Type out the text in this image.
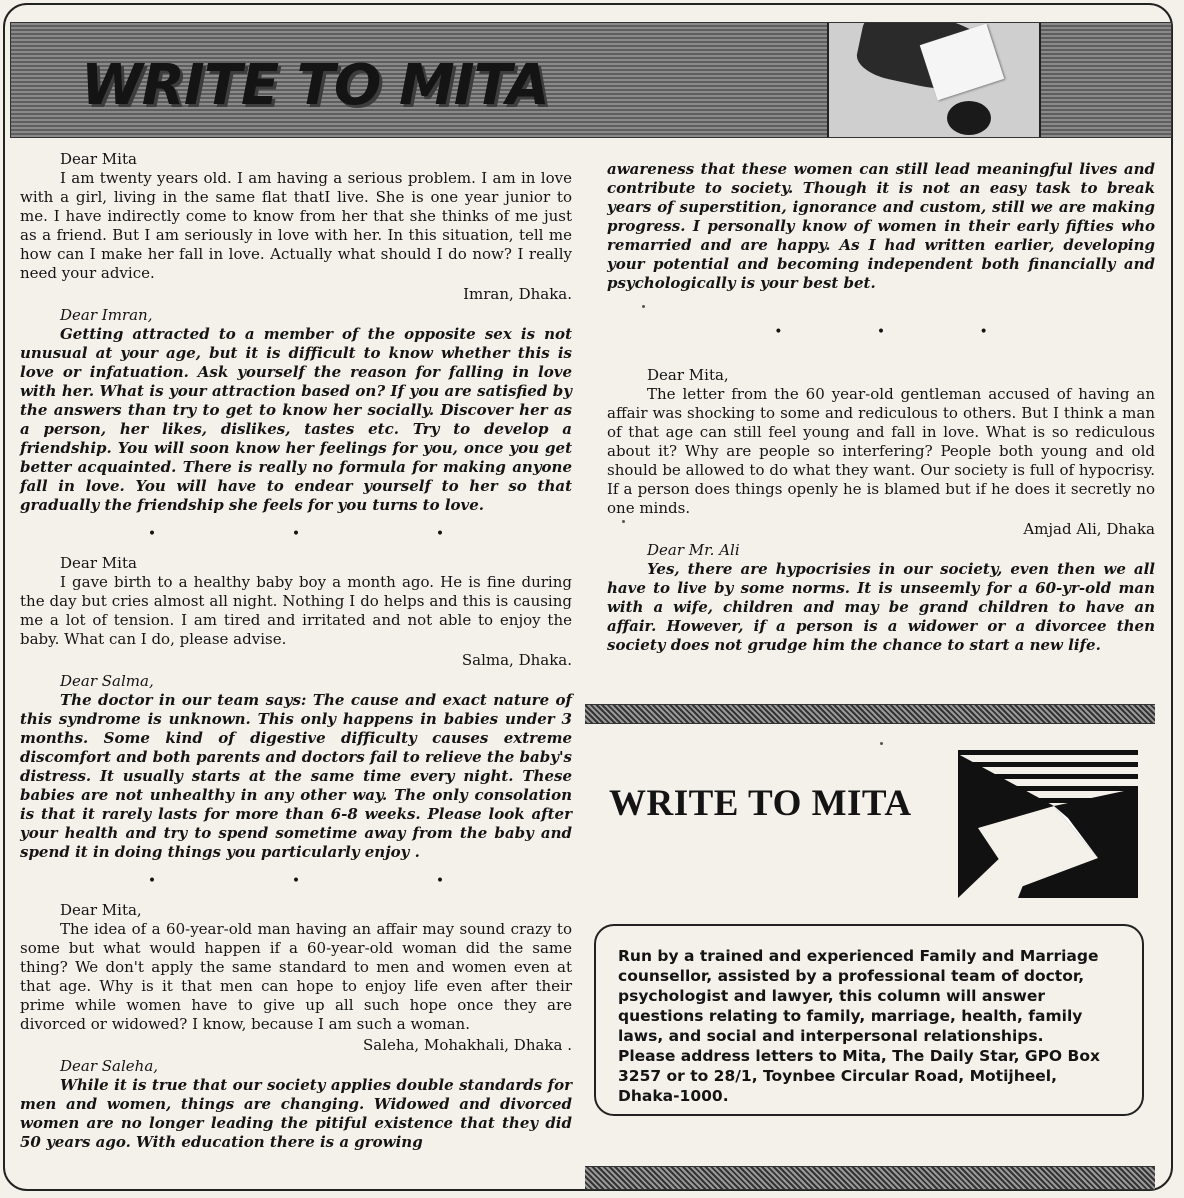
WRITE TO MITA

Dear Mita

I am twenty years old. I am having a serious problem. I am in love with a girl, living in the same flat thatI live. She is one year junior to me. I have indirectly come to know from her that she thinks of me just as a friend. But I am seriously in love with her. In this situation, tell me how can I make her fall in love. Actually what should I do now? I really need your advice.

Imran, Dhaka.

Dear Imran,

Getting attracted to a member of the opposite sex is not unusual at your age, but it is difficult to know whether this is love or infatuation. Ask yourself the reason for falling in love with her. What is your attraction based on? If you are satisfied by the answers than try to get to know her socially. Discover her as a person, her likes, dislikes, tastes etc. Try to develop a friendship. You will soon know her feelings for you, once you get better acquainted. There is really no formula for making anyone fall in love. You will have to endear yourself to her so that gradually the friendship she feels for you turns to love.

•	•	•

Dear Mita

I gave birth to a healthy baby boy a month ago. He is fine during the day but cries almost all night. Nothing I do helps and this is causing me a lot of tension. I am tired and irritated and not able to enjoy the baby. What can I do, please advise.

Salma, Dhaka.

Dear Salma,

The doctor in our team says: The cause and exact nature of this syndrome is unknown. This only happens in babies under 3 months. Some kind of digestive difficulty causes extreme discomfort and both parents and doctors fail to relieve the baby's distress. It usually starts at the same time every night. These babies are not unhealthy in any other way. The only consolation is that it rarely lasts for more than 6-8 weeks. Please look after your health and try to spend sometime away from the baby and spend it in doing things you particularly enjoy .

•	•	•

Dear Mita,

The idea of a 60-year-old man having an affair may sound crazy to some but what would happen if a 60-year-old woman did the same thing? We don't apply the same standard to men and women even at that age. Why is it that men can hope to enjoy life even after their prime while women have to give up all such hope once they are divorced or widowed? I know, because I am such a woman.

Saleha, Mohakhali, Dhaka .

Dear Saleha,

While it is true that our society applies double standards for men and women, things are changing. Widowed and divorced women are no longer leading the pitiful existence that they did 50 years ago. With education there is a growing

awareness that these women can still lead meaningful lives and contribute to society. Though it is not an easy task to break years of superstition, ignorance and custom, still we are making progress. I personally know of women in their early fifties who remarried and are happy. As I had written earlier, developing your potential and becoming independent both financially and psychologically is your best bet.

•	•	•

Dear Mita,

The letter from the 60 year-old gentleman accused of having an affair was shocking to some and rediculous to others. But I think a man of that age can still feel young and fall in love. What is so rediculous about it? Why are people so interfering? People both young and old should be allowed to do what they want. Our society is full of hypocrisy. If a person does things openly he is blamed but if he does it secretly no one minds.

Amjad Ali, Dhaka

Dear Mr. Ali

Yes, there are hypocrisies in our society, even then we all have to live by some norms. It is unseemly for a 60-yr-old man with a wife, children and may be grand children to have an affair. However, if a person is a widower or a divorcee then society does not grudge him the chance to start a new life.

WRITE TO MITA

Run by a trained and experienced Family and Marriage counsellor, assisted by a professional team of doctor, psychologist and lawyer, this column will answer questions relating to family, marriage, health, family laws, and social and interpersonal relationships.

Please address letters to Mita, The Daily Star, GPO Box 3257 or to 28/1, Toynbee Circular Road, Motijheel, Dhaka-1000.
